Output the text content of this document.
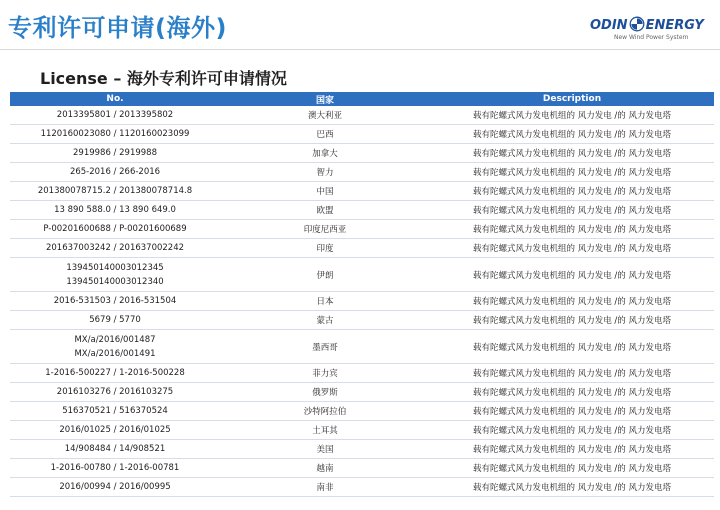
专利许可申请(海外)	ODIN ENERGY
New Wind Power System
License – 海外专利许可申请情况
No.	国家	Description

2013395801 / 2013395802	澳大利亚	载有陀螺式风力发电机组的 风力发电 /的 风力发电塔

1120160023080 / 1120160023099	巴西	载有陀螺式风力发电机组的 风力发电 /的 风力发电塔

2919986 / 2919988	加拿大	载有陀螺式风力发电机组的 风力发电 /的 风力发电塔

265-2016 / 266-2016	智力	载有陀螺式风力发电机组的 风力发电 /的 风力发电塔

201380078715.2 / 201380078714.8	中国	载有陀螺式风力发电机组的 风力发电 /的 风力发电塔

13 890 588.0 / 13 890 649.0	欧盟	载有陀螺式风力发电机组的 风力发电 /的 风力发电塔

P-00201600688 / P-00201600689	印度尼西亚	载有陀螺式风力发电机组的 风力发电 /的 风力发电塔

201637003242 / 201637002242	印度	载有陀螺式风力发电机组的 风力发电 /的 风力发电塔

139450140003012345
139450140003012340	伊朗	载有陀螺式风力发电机组的 风力发电 /的 风力发电塔

2016-531503 / 2016-531504	日本	载有陀螺式风力发电机组的 风力发电 /的 风力发电塔

5679 / 5770	蒙古	载有陀螺式风力发电机组的 风力发电 /的 风力发电塔

MX/a/2016/001487
MX/a/2016/001491	墨西哥	载有陀螺式风力发电机组的 风力发电 /的 风力发电塔

1-2016-500227 / 1-2016-500228	菲力宾	载有陀螺式风力发电机组的 风力发电 /的 风力发电塔

2016103276 / 2016103275	俄罗斯	载有陀螺式风力发电机组的 风力发电 /的 风力发电塔

516370521 / 516370524	沙特阿拉伯	载有陀螺式风力发电机组的 风力发电 /的 风力发电塔

2016/01025 / 2016/01025	土耳其	载有陀螺式风力发电机组的 风力发电 /的 风力发电塔

14/908484 / 14/908521	美国	载有陀螺式风力发电机组的 风力发电 /的 风力发电塔

1-2016-00780 / 1-2016-00781	越南	载有陀螺式风力发电机组的 风力发电 /的 风力发电塔

2016/00994 / 2016/00995	南非	载有陀螺式风力发电机组的 风力发电 /的 风力发电塔
